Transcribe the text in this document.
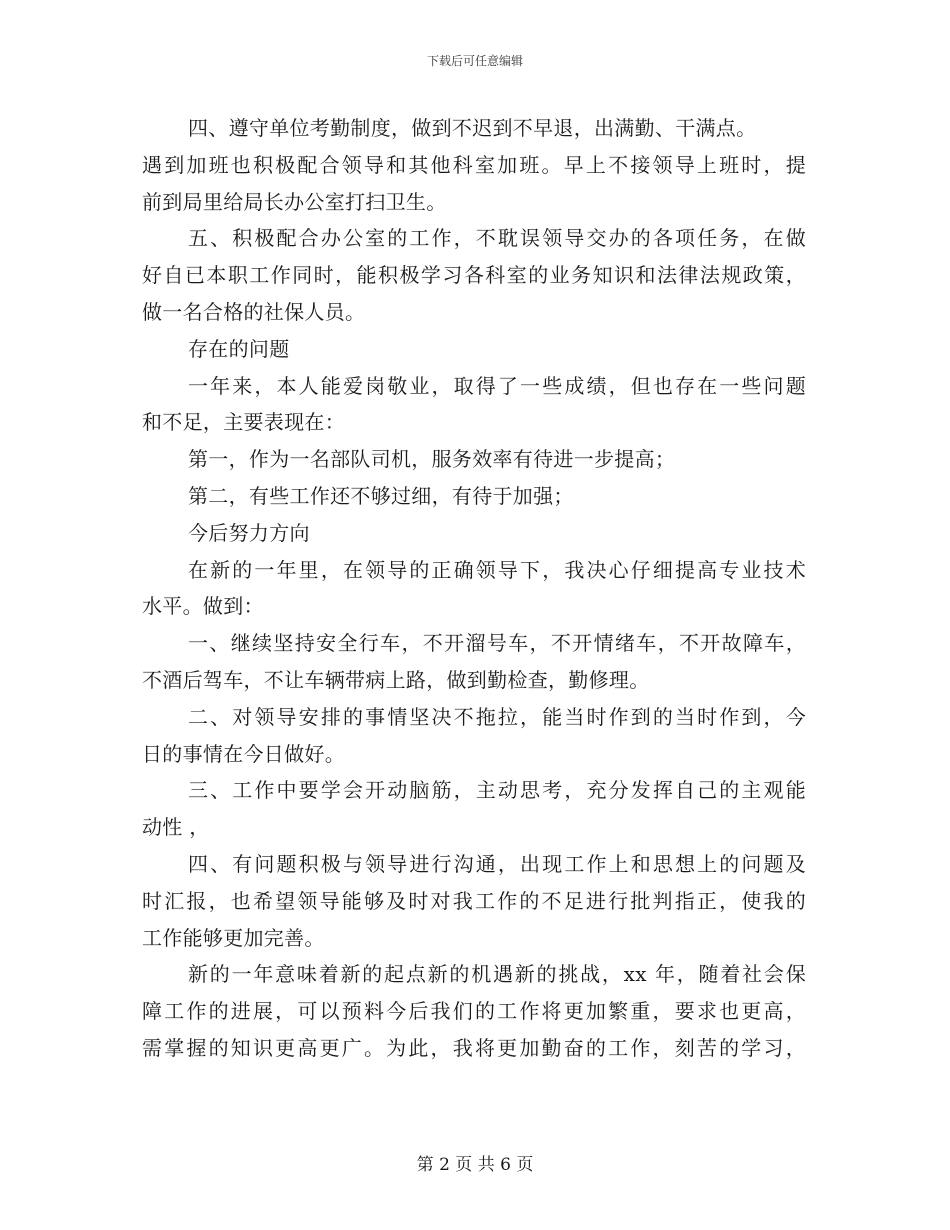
下载后可任意编辑
四、遵守单位考勤制度，做到不迟到不早退，出满勤、干满点。
遇到加班也积极配合领导和其他科室加班。早上不接领导上班时，提
前到局里给局长办公室打扫卫生。
五、积极配合办公室的工作，不耽误领导交办的各项任务，在做
好自已本职工作同时，能积极学习各科室的业务知识和法律法规政策，
做一名合格的社保人员。
存在的问题
一年来，本人能爱岗敬业，取得了一些成绩，但也存在一些问题
和不足，主要表现在：
第一，作为一名部队司机，服务效率有待进一步提高；
第二，有些工作还不够过细，有待于加强；
今后努力方向
在新的一年里，在领导的正确领导下，我决心仔细提高专业技术
水平。做到：
一、继续坚持安全行车，不开溜号车，不开情绪车，不开故障车，
不酒后驾车，不让车辆带病上路，做到勤检查，勤修理。
二、对领导安排的事情坚决不拖拉，能当时作到的当时作到，今
日的事情在今日做好。
三、工作中要学会开动脑筋，主动思考，充分发挥自己的主观能
动性 ，
四、有问题积极与领导进行沟通，出现工作上和思想上的问题及
时汇报，也希望领导能够及时对我工作的不足进行批判指正，使我的
工作能够更加完善。
新的一年意味着新的起点新的机遇新的挑战，xx 年，随着社会保
障工作的进展，可以预料今后我们的工作将更加繁重，要求也更高，
需掌握的知识更高更广。为此，我将更加勤奋的工作，刻苦的学习，
第 2 页 共 6 页
